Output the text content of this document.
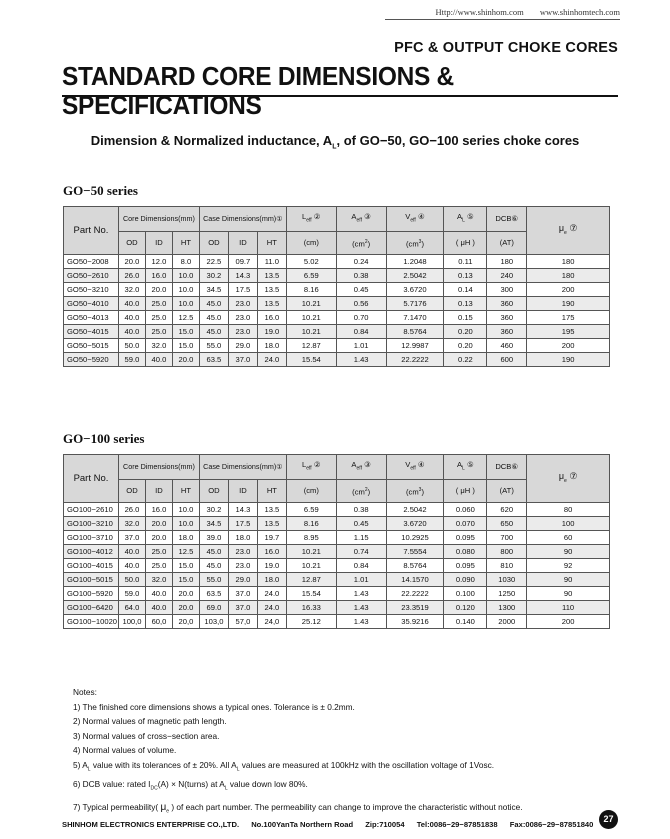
Http://www.shinhom.com www.shinhomtech.com
PFC & OUTPUT CHOKE CORES
STANDARD CORE DIMENSIONS & SPECIFICATIONS
Dimension & Normalized inductance, $A_L$, of GO−50, GO−100 series choke cores
GO−50 series
Part No.	Core Dimensions(mm)			Case Dimensions(mm)①			$L_{eff}$ ②	$A_{eff}$ ③	$V_{eff}$ ④	$A_L$ ⑤	DCB⑥	$\mu_e$ ⑦
	OD	ID	HT	OD	ID	HT	(cm)	$(cm^2)$	$(cm^3)$	( μH )	(AT)	
GO50−2008	20.0	12.0	8.0	22.5	09.7	11.0	5.02	0.24	1.2048	0.11	180	180
GO50−2610	26.0	16.0	10.0	30.2	14.3	13.5	6.59	0.38	2.5042	0.13	240	180
GO50−3210	32.0	20.0	10.0	34.5	17.5	13.5	8.16	0.45	3.6720	0.14	300	200
GO50−4010	40.0	25.0	10.0	45.0	23.0	13.5	10.21	0.56	5.7176	0.13	360	190
GO50−4013	40.0	25.0	12.5	45.0	23.0	16.0	10.21	0.70	7.1470	0.15	360	175
GO50−4015	40.0	25.0	15.0	45.0	23.0	19.0	10.21	0.84	8.5764	0.20	360	195
GO50−5015	50.0	32.0	15.0	55.0	29.0	18.0	12.87	1.01	12.9987	0.20	460	200
GO50−5920	59.0	40.0	20.0	63.5	37.0	24.0	15.54	1.43	22.2222	0.22	600	190
GO−100 series
Part No.	Core Dimensions(mm)			Case Dimensions(mm)①			$L_{eff}$ ②	$A_{eff}$ ③	$V_{eff}$ ④	$A_L$ ⑤	DCB⑥	$\mu_e$ ⑦
	OD	ID	HT	OD	ID	HT	(cm)	$(cm^2)$	$(cm^3)$	( μH )	(AT)	
GO100−2610	26.0	16.0	10.0	30.2	14.3	13.5	6.59	0.38	2.5042	0.060	620	80
GO100−3210	32.0	20.0	10.0	34.5	17.5	13.5	8.16	0.45	3.6720	0.070	650	100
GO100−3710	37.0	20.0	18.0	39.0	18.0	19.7	8.95	1.15	10.2925	0.095	700	60
GO100−4012	40.0	25.0	12.5	45.0	23.0	16.0	10.21	0.74	7.5554	0.080	800	90
GO100−4015	40.0	25.0	15.0	45.0	23.0	19.0	10.21	0.84	8.5764	0.095	810	92
GO100−5015	50.0	32.0	15.0	55.0	29.0	18.0	12.87	1.01	14.1570	0.090	1030	90
GO100−5920	59.0	40.0	20.0	63.5	37.0	24.0	15.54	1.43	22.2222	0.100	1250	90
GO100−6420	64.0	40.0	20.0	69.0	37.0	24.0	16.33	1.43	23.3519	0.120	1300	110
GO100−10020	100,0	60,0	20,0	103,0	57,0	24,0	25.12	1.43	35.9216	0.140	2000	200
Notes:
1) The finished core dimensions shows a typical ones. Tolerance is ± 0.2mm.
2) Normal values of magnetic path length.
3) Normal values of cross−section area.
4) Normal values of volume.
5) $A_L$ value with its tolerances of ± 20%. All $A_L$ values are measured at 100kHz with the oscillation voltage of 1Vosc.
6) DCB value: rated $I_{DC}(A)$ × N(turns) at $A_L$ value down low 80%.
7) Typical permeability( $\mu_e$ ) of each part number. The permeability can change to improve the characteristic without notice.
SHINHOM ELECTRONICS ENTERPRISE CO.,LTD. No.100YanTa Northern Road Zip:710054 Tel:0086−29−87851838 Fax:0086−29−87851840
27
